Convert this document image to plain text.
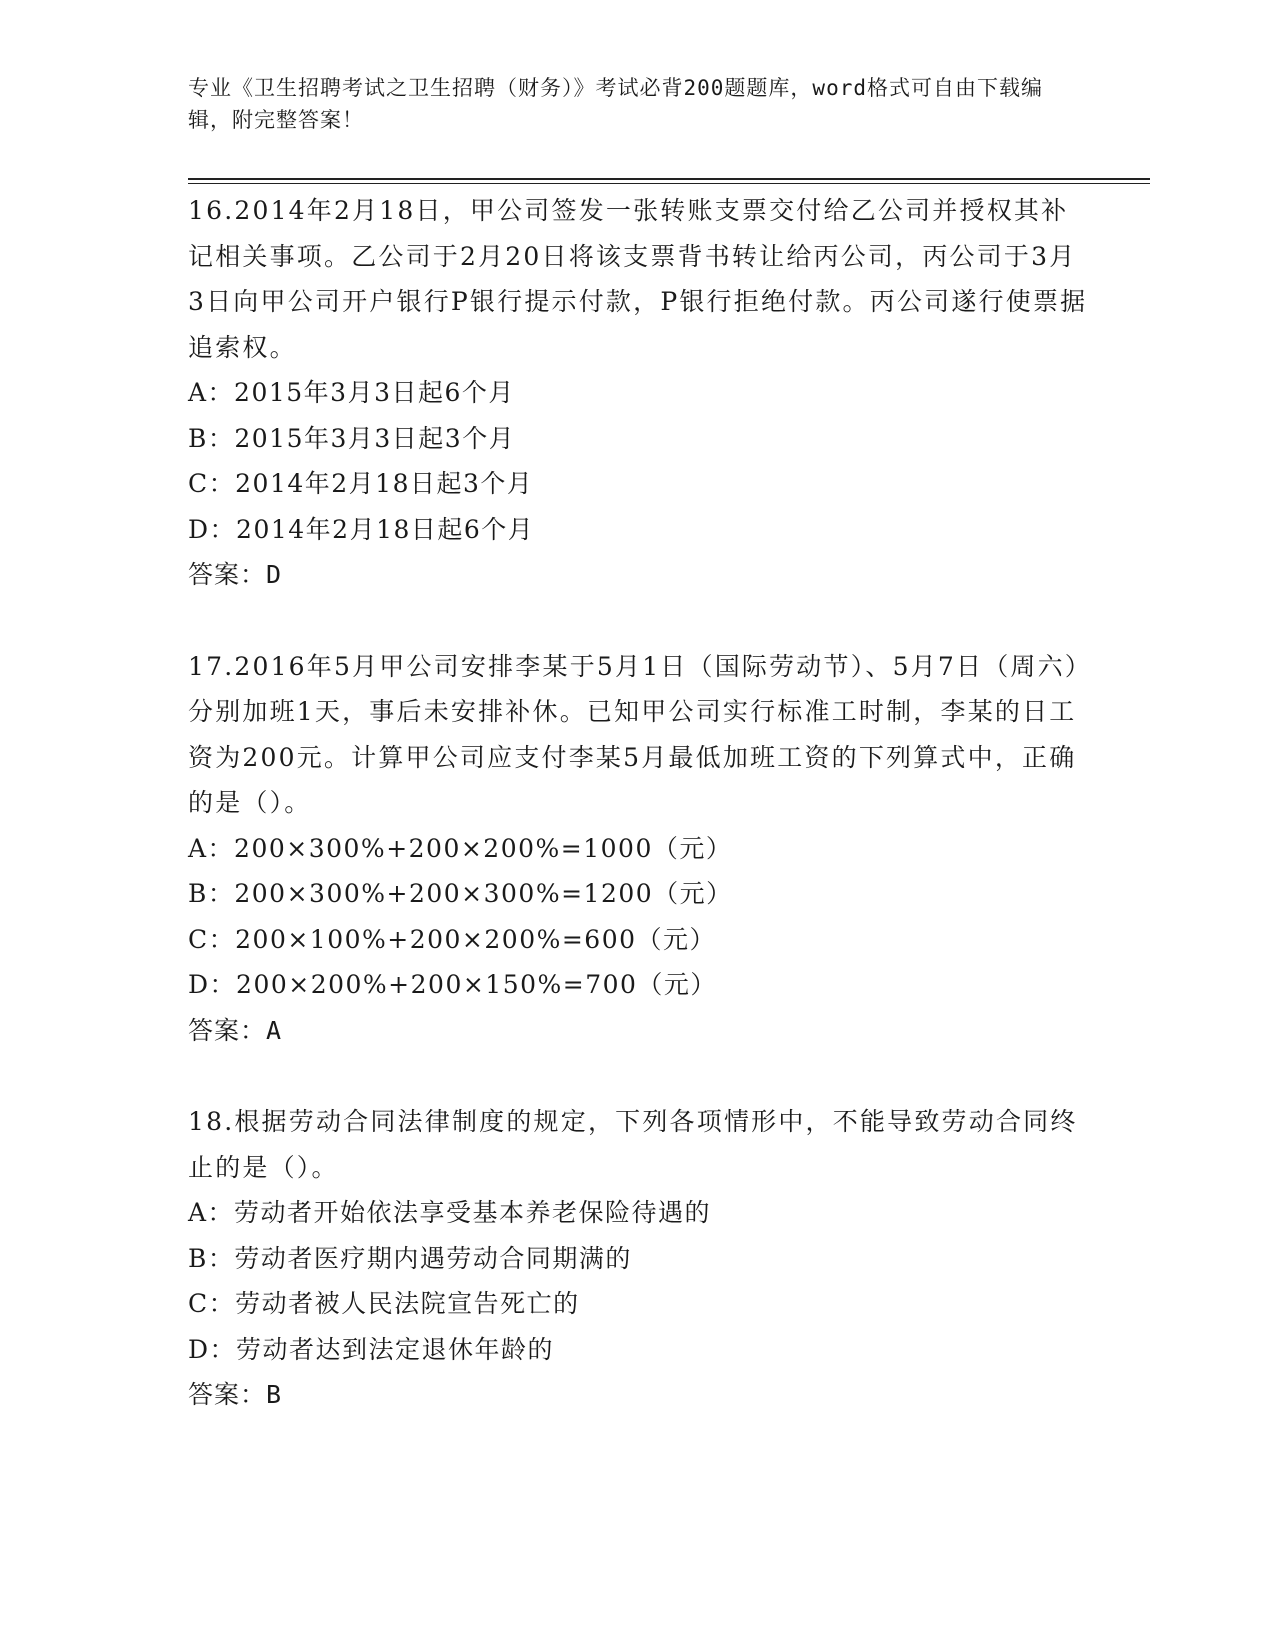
专业《卫生招聘考试之卫生招聘（财务）》考试必背200题题库，word格式可自由下载编辑，附完整答案！

16.2014年2月18日，甲公司签发一张转账支票交付给乙公司并授权其补记相关事项。乙公司于2月20日将该支票背书转让给丙公司，丙公司于3月3日向甲公司开户银行P银行提示付款，P银行拒绝付款。丙公司遂行使票据追索权。

A：2015年3月3日起6个月

B：2015年3月3日起3个月

C：2014年2月18日起3个月

D：2014年2月18日起6个月

答案：D

17.2016年5月甲公司安排李某于5月1日（国际劳动节）、5月7日（周六）分别加班1天，事后未安排补休。已知甲公司实行标准工时制，李某的日工资为200元。计算甲公司应支付李某5月最低加班工资的下列算式中，正确的是（）。

A：200×300%+200×200%=1000（元）

B：200×300%+200×300%=1200（元）

C：200×100%+200×200%=600（元）

D：200×200%+200×150%=700（元）

答案：A

18.根据劳动合同法律制度的规定，下列各项情形中，不能导致劳动合同终止的是（）。

A：劳动者开始依法享受基本养老保险待遇的

B：劳动者医疗期内遇劳动合同期满的

C：劳动者被人民法院宣告死亡的

D：劳动者达到法定退休年龄的

答案：B
